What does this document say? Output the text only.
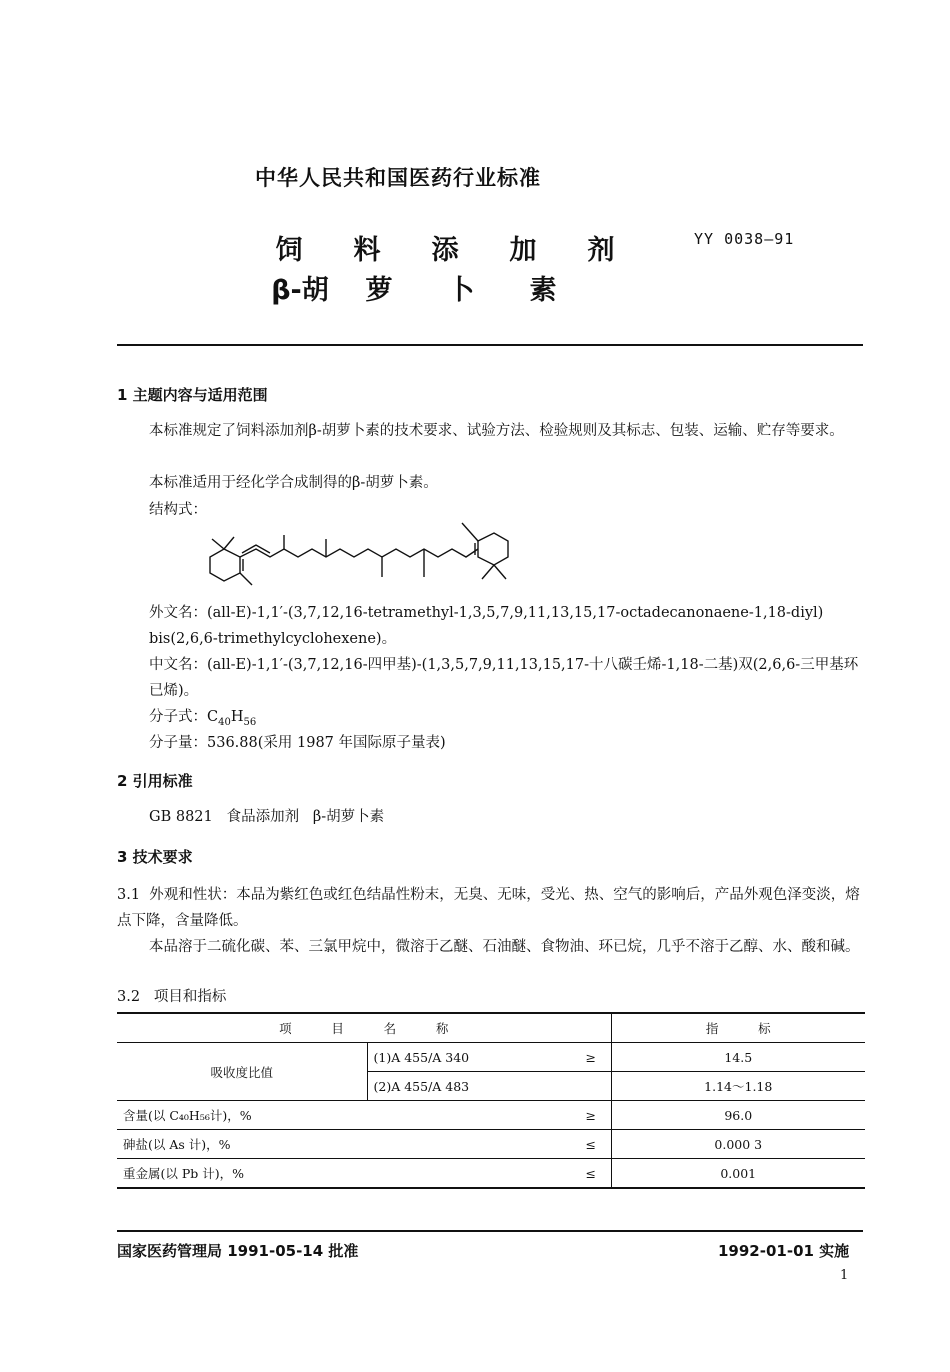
中华人民共和国医药行业标准
饲 料 添 加 剂
β-胡 萝 卜 素
YY 0038—91
1 主题内容与适用范围
本标准规定了饲料添加剂β-胡萝卜素的技术要求、试验方法、检验规则及其标志、包装、运输、贮存等要求。
本标准适用于经化学合成制得的β-胡萝卜素。
结构式：
外文名：(all-E)-1,1′-(3,7,12,16-tetramethyl-1,3,5,7,9,11,13,15,17-octadecanonaene-1,18-diyl) bis(2,6,6-trimethylcyclohexene)。
中文名：(all-E)-1,1′-(3,7,12,16-四甲基)-(1,3,5,7,9,11,13,15,17-十八碳壬烯-1,18-二基)双(2,6,6-三甲基环已烯)。
分子式：$C_{40}H_{56}$
分子量：536.88(采用 1987 年国际原子量表)
2 引用标准
GB 8821   食品添加剂   β-胡萝卜素
3 技术要求
3.1 外观和性状：本品为紫红色或红色结晶性粉末，无臭、无味，受光、热、空气的影响后，产品外观色泽变淡，熔点下降，含量降低。
本品溶于二硫化碳、苯、三氯甲烷中，微溶于乙醚、石油醚、食物油、环已烷，几乎不溶于乙醇、水、酸和碱。
3.2   项目和指标
项          目          名          称			指          标
吸收度比值	(1)A 455/A 340	≥	14.5
	(2)A 455/A 483		1.14～1.18
含量(以 C₄₀H₅₆计)，%		≥	96.0
砷盐(以 As 计)，%		≤	0.000 3
重金属(以 Pb 计)，%		≤	0.001
国家医药管理局 1991-05-14 批准	1992-01-01 实施
1
